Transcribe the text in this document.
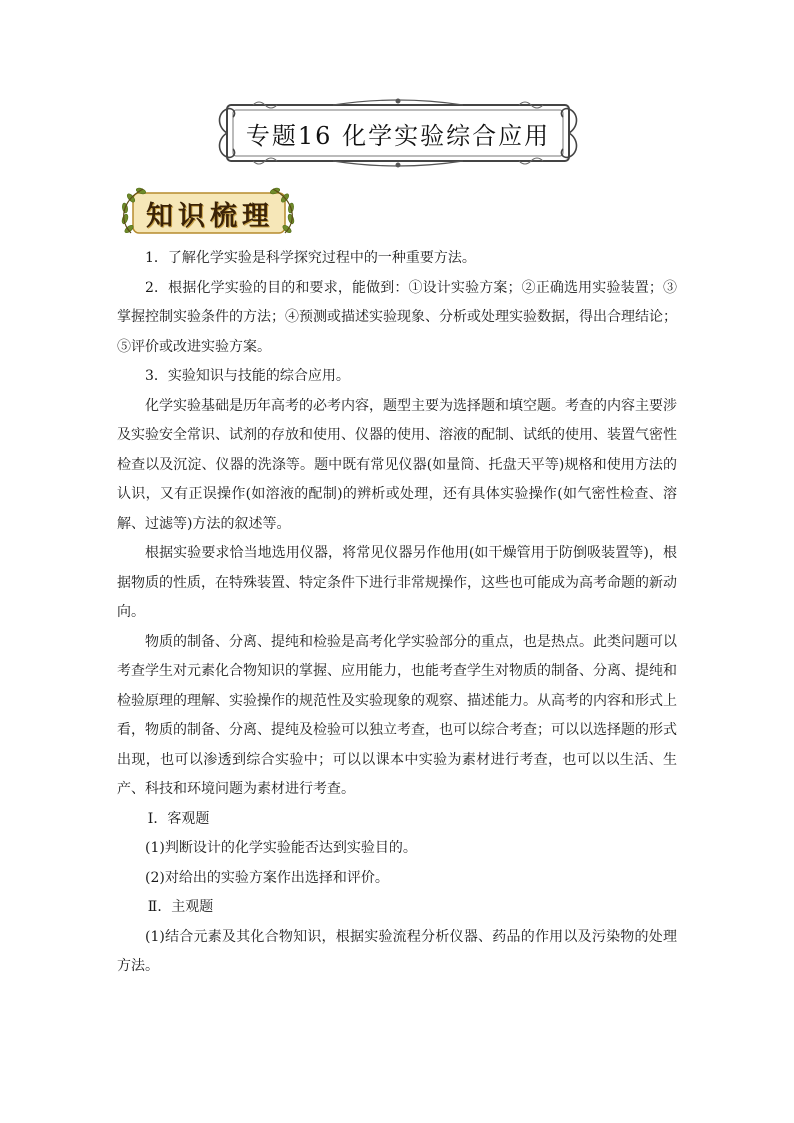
专题16 化学实验综合应用
知识梳理

1．了解化学实验是科学探究过程中的一种重要方法。

2．根据化学实验的目的和要求，能做到：①设计实验方案；②正确选用实验装置；③掌握控制实验条件的方法；④预测或描述实验现象、分析或处理实验数据，得出合理结论；⑤评价或改进实验方案。

3．实验知识与技能的综合应用。

化学实验基础是历年高考的必考内容，题型主要为选择题和填空题。考查的内容主要涉及实验安全常识、试剂的存放和使用、仪器的使用、溶液的配制、试纸的使用、装置气密性检查以及沉淀、仪器的洗涤等。题中既有常见仪器(如量筒、托盘天平等)规格和使用方法的认识，又有正误操作(如溶液的配制)的辨析或处理，还有具体实验操作(如气密性检查、溶解、过滤等)方法的叙述等。

根据实验要求恰当地选用仪器，将常见仪器另作他用(如干燥管用于防倒吸装置等)，根据物质的性质，在特殊装置、特定条件下进行非常规操作，这些也可能成为高考命题的新动向。

物质的制备、分离、提纯和检验是高考化学实验部分的重点，也是热点。此类问题可以考查学生对元素化合物知识的掌握、应用能力，也能考查学生对物质的制备、分离、提纯和检验原理的理解、实验操作的规范性及实验现象的观察、描述能力。从高考的内容和形式上看，物质的制备、分离、提纯及检验可以独立考查，也可以综合考查；可以以选择题的形式出现，也可以渗透到综合实验中；可以以课本中实验为素材进行考查，也可以以生活、生产、科技和环境问题为素材进行考查。

Ⅰ．客观题

(1)判断设计的化学实验能否达到实验目的。

(2)对给出的实验方案作出选择和评价。

Ⅱ．主观题

(1)结合元素及其化合物知识，根据实验流程分析仪器、药品的作用以及污染物的处理方法。
